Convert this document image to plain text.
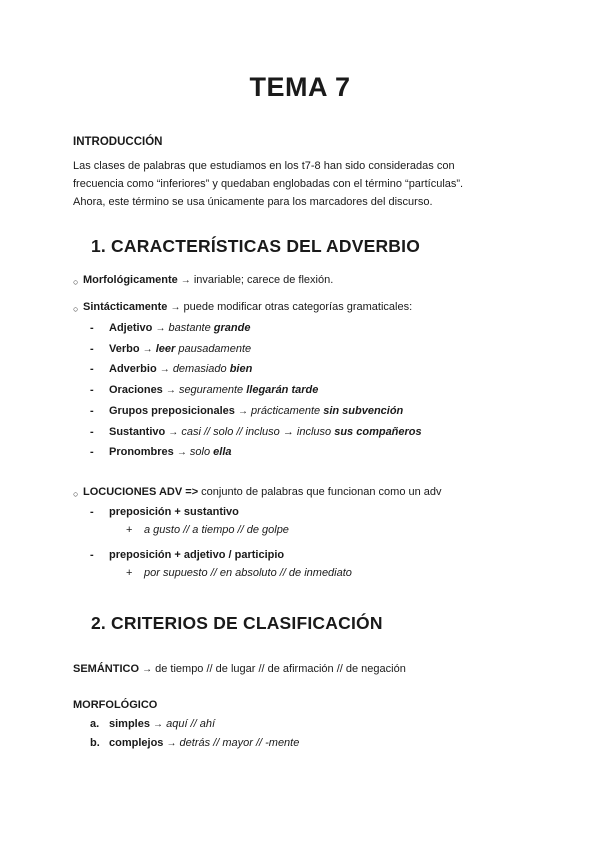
TEMA 7
INTRODUCCIÓN
Las clases de palabras que estudiamos en los t7-8 han sido consideradas con
frecuencia como “inferiores” y quedaban englobadas con el término “partículas”.
Ahora, este término se usa únicamente para los marcadores del discurso.
1. CARACTERÍSTICAS DEL ADVERBIO
○ Morfológicamente → invariable; carece de flexión.
○ Sintácticamente → puede modificar otras categorías gramaticales:
- Adjetivo → bastante grande
- Verbo → leer pausadamente
- Adverbio → demasiado bien
- Oraciones → seguramente llegarán tarde
- Grupos preposicionales → prácticamente sin subvención
- Sustantivo → casi // solo // incluso → incluso sus compañeros
- Pronombres → solo ella
○ LOCUCIONES ADV => conjunto de palabras que funcionan como un adv
- preposición + sustantivo
+ a gusto // a tiempo // de golpe
- preposición + adjetivo / participio
+ por supuesto // en absoluto // de inmediato
2. CRITERIOS DE CLASIFICACIÓN
SEMÁNTICO → de tiempo // de lugar // de afirmación // de negación
MORFOLÓGICO
a. simples → aquí // ahí
b. complejos → detrás // mayor // -mente
